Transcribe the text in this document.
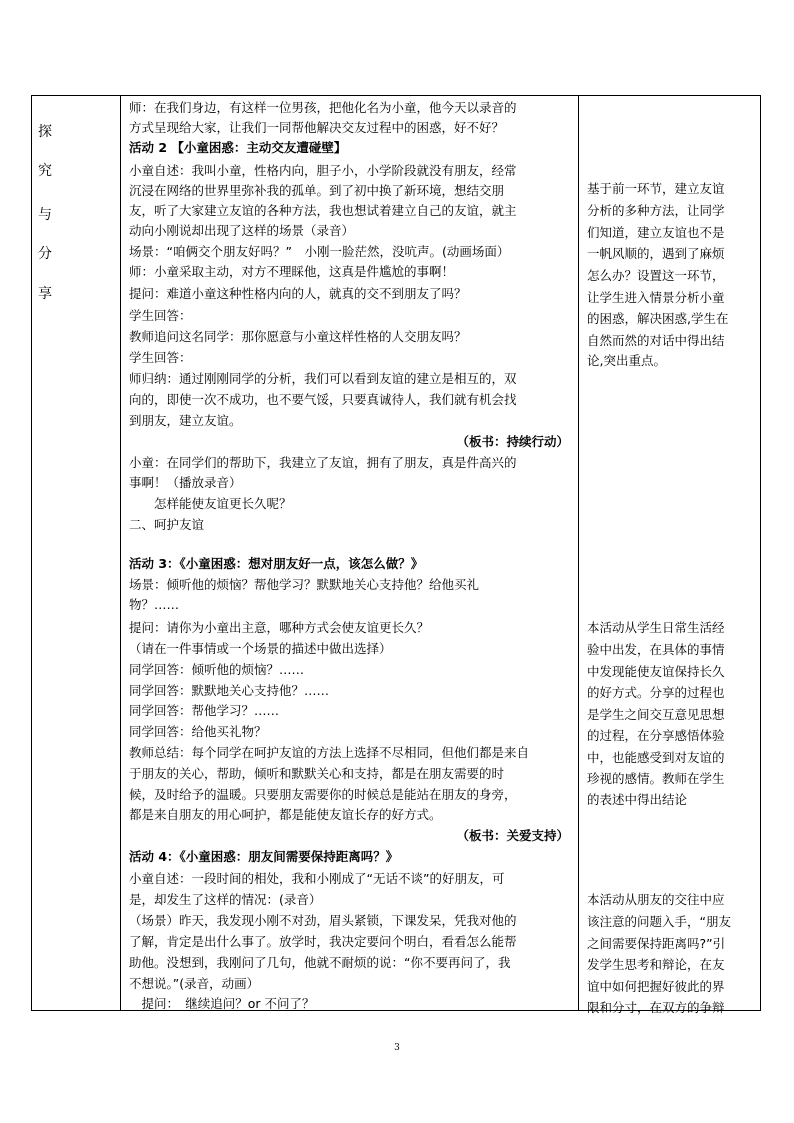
探
究
与
分
享
师：在我们身边，有这样一位男孩，把他化名为小童，他今天以录音的
方式呈现给大家，让我们一同帮他解决交友过程中的困惑，好不好？
活动 2 【小童困惑：主动交友遭碰壁】
小童自述：我叫小童，性格内向，胆子小，小学阶段就没有朋友，经常
沉浸在网络的世界里弥补我的孤单。到了初中换了新环境，想结交朋
友，听了大家建立友谊的各种方法，我也想试着建立自己的友谊，就主
动向小刚说却出现了这样的场景（录音）
场景：“咱俩交个朋友好吗？”　小刚一脸茫然，没吭声。(动画场面）
师：小童采取主动，对方不理睬他，这真是件尴尬的事啊！
提问：难道小童这种性格内向的人，就真的交不到朋友了吗？
学生回答：
教师追问这名同学：那你愿意与小童这样性格的人交朋友吗？
学生回答：
师归纳：通过刚刚同学的分析，我们可以看到友谊的建立是相互的，双
向的，即使一次不成功，也不要气馁，只要真诚待人，我们就有机会找
到朋友，建立友谊。
（板书：持续行动）
小童：在同学们的帮助下，我建立了友谊，拥有了朋友，真是件高兴的
事啊！（播放录音）
　　怎样能使友谊更长久呢？
二、呵护友谊
活动 3：《小童困惑：想对朋友好一点，该怎么做？》
场景：倾听他的烦恼？帮他学习？默默地关心支持他？给他买礼
物？……
提问：请你为小童出主意，哪种方式会使友谊更长久？
（请在一件事情或一个场景的描述中做出选择）
同学回答：倾听他的烦恼？……
同学回答：默默地关心支持他？……
同学回答：帮他学习？……
同学回答：给他买礼物？
教师总结：每个同学在呵护友谊的方法上选择不尽相同，但他们都是来自
于朋友的关心，帮助，倾听和默默关心和支持，都是在朋友需要的时
候，及时给予的温暖。只要朋友需要你的时候总是能站在朋友的身旁，
都是来自朋友的用心呵护，都是能使友谊长存的好方式。
（板书：关爱支持）
活动 4：《小童困惑：朋友间需要保持距离吗？》
小童自述：一段时间的相处，我和小刚成了“无话不谈”的好朋友，可
是，却发生了这样的情况：(录音）
（场景）昨天，我发现小刚不对劲，眉头紧锁，下课发呆，凭我对他的
了解，肯定是出什么事了。放学时，我决定要问个明白，看看怎么能帮
助他。没想到，我刚问了几句，他就不耐烦的说：“你不要再问了，我
不想说。”(录音，动画）
　提问：　继续追问？or 不问了？
基于前一环节，建立友谊
分析的多种方法，让同学
们知道，建立友谊也不是
一帆风顺的，遇到了麻烦
怎么办？设置这一环节，
让学生进入情景分析小童
的困惑，解决困惑,学生在
自然而然的对话中得出结
论,突出重点。
本活动从学生日常生活经
验中出发，在具体的事情
中发现能使友谊保持长久
的好方式。分享的过程也
是学生之间交互意见思想
的过程，在分享感悟体验
中，也能感受到对友谊的
珍视的感情。教师在学生
的表述中得出结论
本活动从朋友的交往中应
该注意的问题入手，“朋友
之间需要保持距离吗?”引
发学生思考和辩论，在友
谊中如何把握好彼此的界
限和分寸，在双方的争辩
3
